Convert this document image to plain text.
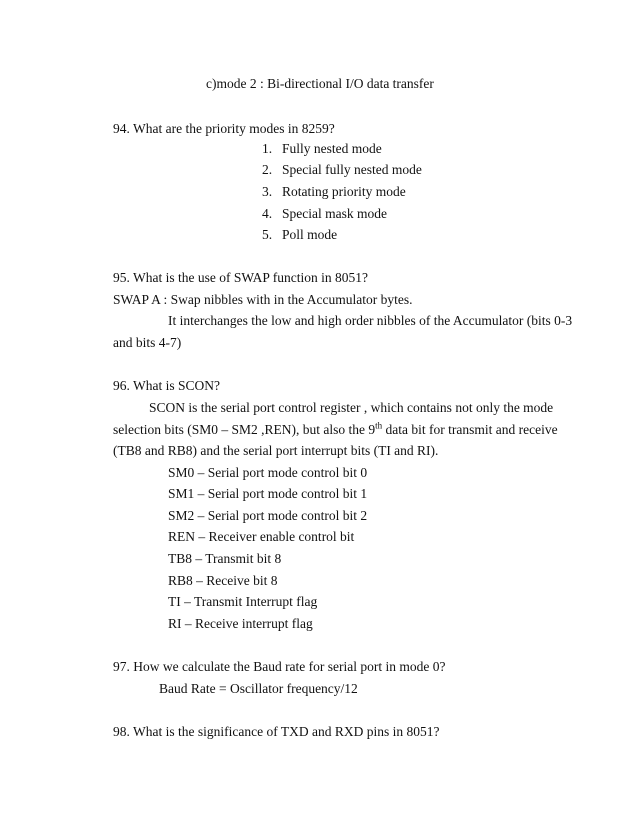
c)mode 2 : Bi-directional I/O data transfer
94. What are the priority modes in 8259?
1. Fully nested mode
2. Special fully nested mode
3. Rotating priority mode
4. Special mask mode
5. Poll mode
95. What is the use of SWAP function in 8051?
SWAP A : Swap nibbles with in the Accumulator bytes.
It interchanges the low and high order nibbles of the Accumulator (bits 0-3
and bits 4-7)
96. What is SCON?
SCON is the serial port control register , which contains not only the mode
selection bits (SM0 – SM2 ,REN), but also the 9th data bit for transmit and receive
(TB8 and RB8) and the serial port interrupt bits (TI and RI).
SM0 – Serial port mode control bit 0
SM1 – Serial port mode control bit 1
SM2 – Serial port mode control bit 2
REN – Receiver enable control bit
TB8 – Transmit bit 8
RB8 – Receive bit 8
TI – Transmit Interrupt flag
RI – Receive interrupt flag
97. How we calculate the Baud rate for serial port in mode 0?
Baud Rate = Oscillator frequency/12
98. What is the significance of TXD and RXD pins in 8051?
